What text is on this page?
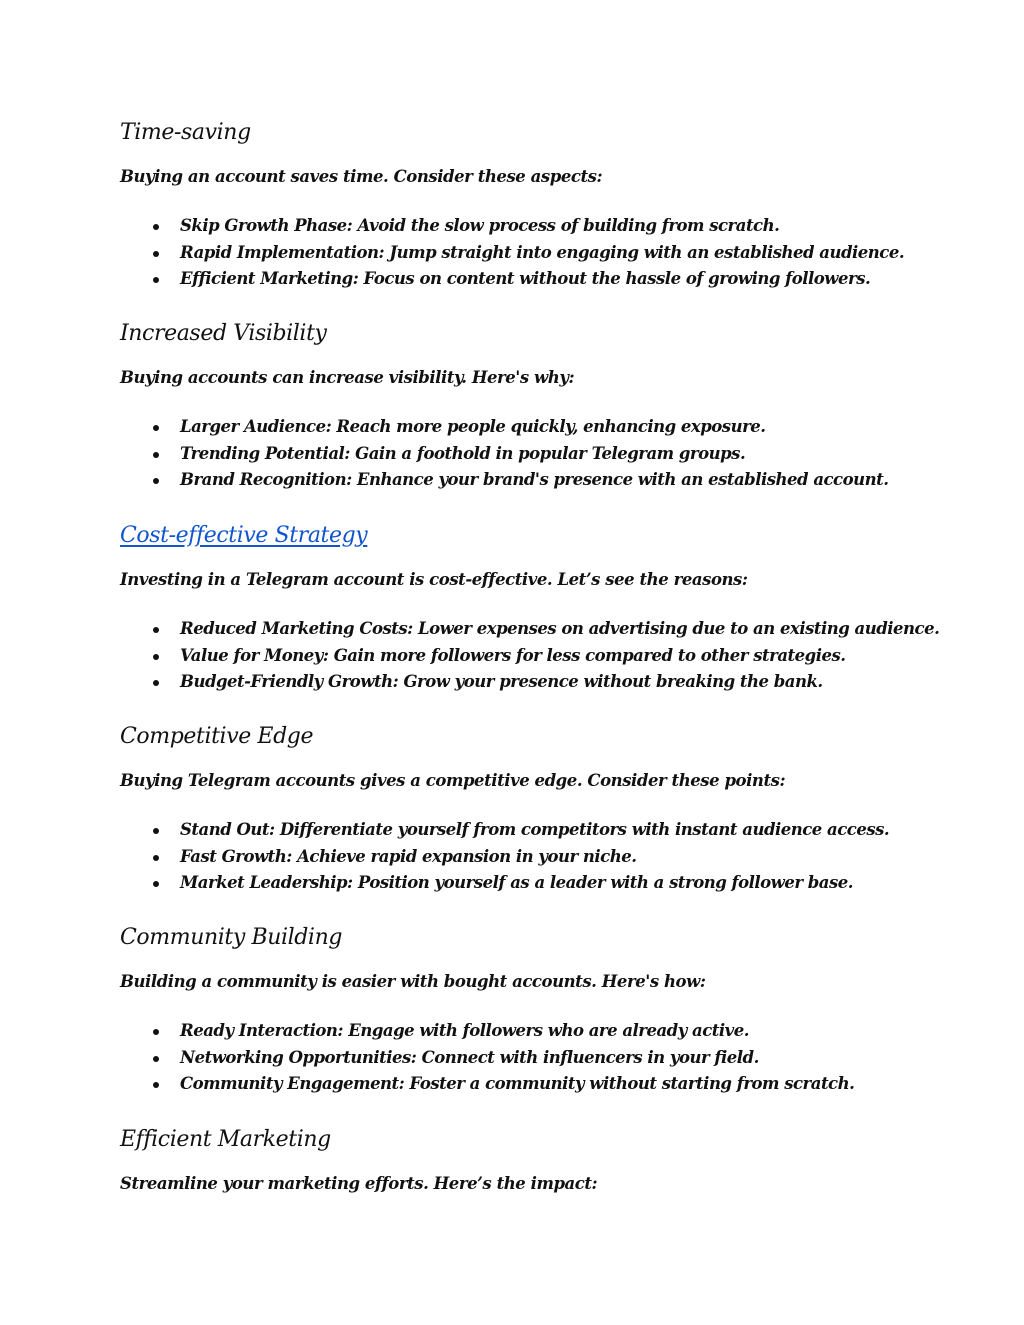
Time-saving

Buying an account saves time. Consider these aspects:

Skip Growth Phase: Avoid the slow process of building from scratch.
Rapid Implementation: Jump straight into engaging with an established audience.
Efficient Marketing: Focus on content without the hassle of growing followers.
Increased Visibility

Buying accounts can increase visibility. Here's why:

Larger Audience: Reach more people quickly, enhancing exposure.
Trending Potential: Gain a foothold in popular Telegram groups.
Brand Recognition: Enhance your brand's presence with an established account.
Cost-effective Strategy

Investing in a Telegram account is cost-effective. Let’s see the reasons:

Reduced Marketing Costs: Lower expenses on advertising due to an existing audience.
Value for Money: Gain more followers for less compared to other strategies.
Budget-Friendly Growth: Grow your presence without breaking the bank.
Competitive Edge

Buying Telegram accounts gives a competitive edge. Consider these points:

Stand Out: Differentiate yourself from competitors with instant audience access.
Fast Growth: Achieve rapid expansion in your niche.
Market Leadership: Position yourself as a leader with a strong follower base.
Community Building

Building a community is easier with bought accounts. Here's how:

Ready Interaction: Engage with followers who are already active.
Networking Opportunities: Connect with influencers in your field.
Community Engagement: Foster a community without starting from scratch.
Efficient Marketing

Streamline your marketing efforts. Here’s the impact:
